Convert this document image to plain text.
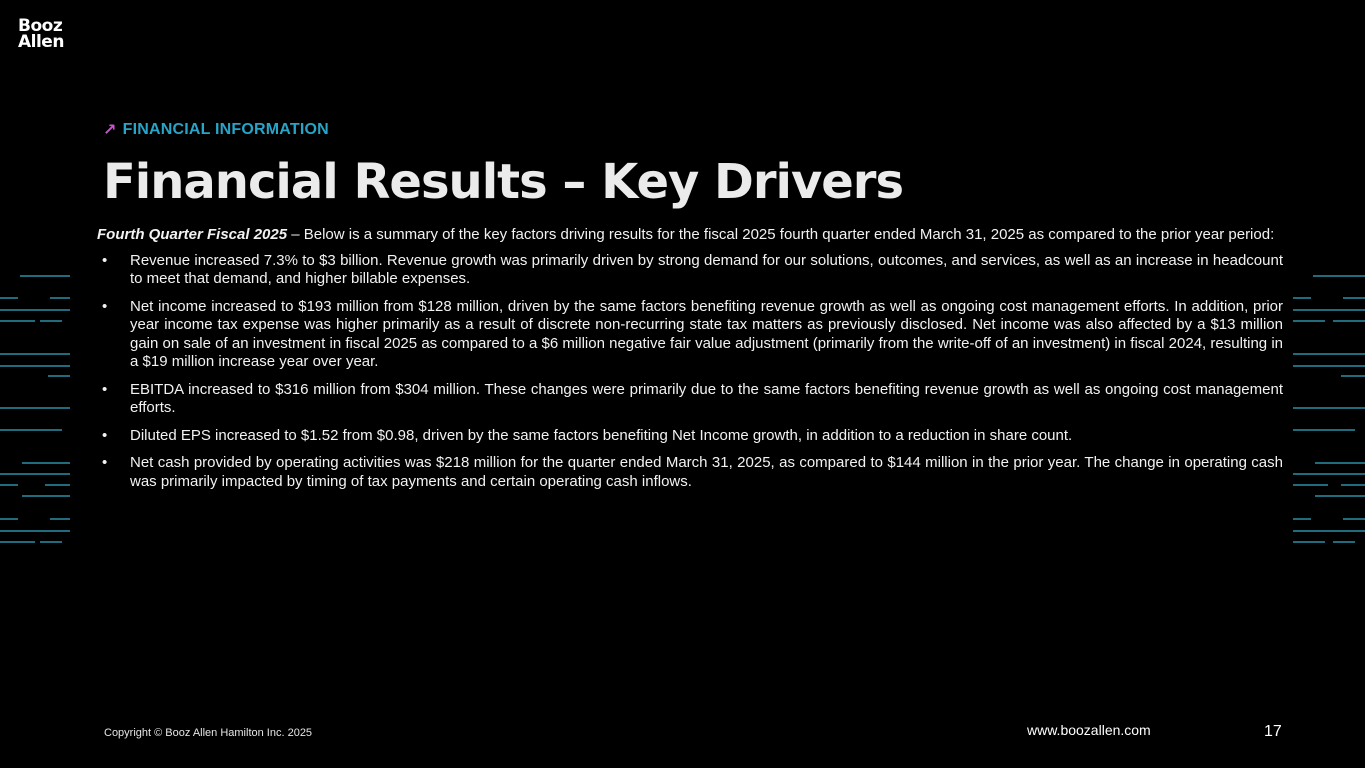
Booz
Allen
↗ FINANCIAL INFORMATION
Financial Results – Key Drivers

Fourth Quarter Fiscal 2025 – Below is a summary of the key factors driving results for the fiscal 2025 fourth quarter ended March 31, 2025 as compared to the prior year period:

• Revenue increased 7.3% to $3 billion. Revenue growth was primarily driven by strong demand for our solutions, outcomes, and services, as well as an increase in headcount to meet that demand, and higher billable expenses.
• Net income increased to $193 million from $128 million, driven by the same factors benefiting revenue growth as well as ongoing cost management efforts. In addition, prior year income tax expense was higher primarily as a result of discrete non-recurring state tax matters as previously disclosed. Net income was also affected by a $13 million gain on sale of an investment in fiscal 2025 as compared to a $6 million negative fair value adjustment (primarily from the write-off of an investment) in fiscal 2024, resulting in a $19 million increase year over year.
• EBITDA increased to $316 million from $304 million. These changes were primarily due to the same factors benefiting revenue growth as well as ongoing cost management efforts.
• Diluted EPS increased to $1.52 from $0.98, driven by the same factors benefiting Net Income growth, in addition to a reduction in share count.
• Net cash provided by operating activities was $218 million for the quarter ended March 31, 2025, as compared to $144 million in the prior year. The change in operating cash was primarily impacted by timing of tax payments and certain operating cash inflows.
Copyright © Booz Allen Hamilton Inc. 2025	www.boozallen.com	17
